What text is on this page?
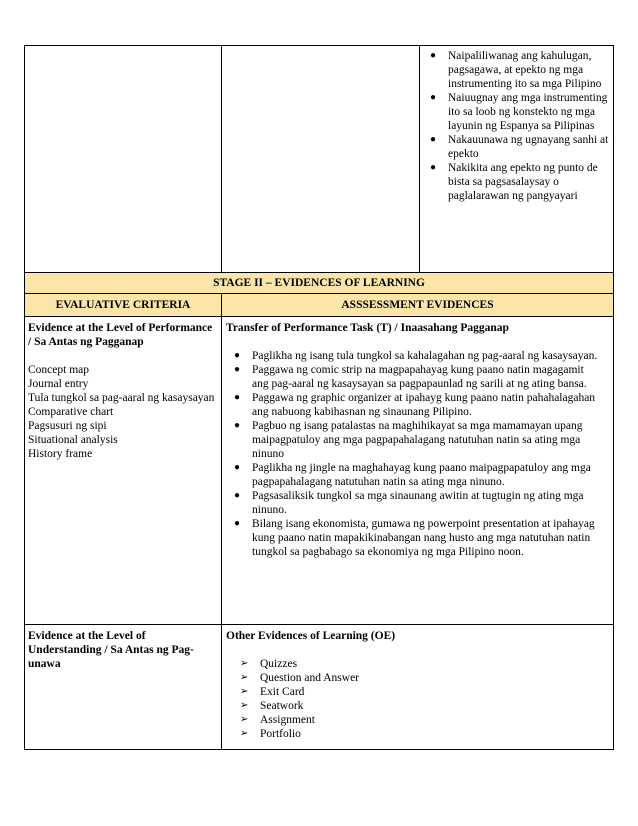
● Naipaliliwanag ang kahulugan, pagsagawa, at epekto ng mga instrumenting ito sa mga Pilipino
● Naiuugnay ang mga instrumenting ito sa loob ng konstekto ng mga layunin ng Espanya sa Pilipinas
● Nakauunawa ng ugnayang sanhi at epekto
● Nakikita ang epekto ng punto de bista sa pagsasalaysay o paglalarawan ng pangyayari
STAGE II – EVIDENCES OF LEARNING
EVALUATIVE CRITERIA	ASSSESSMENT EVIDENCES
Evidence at the Level of Performance / Sa Antas ng Pagganap
Concept map
Journal entry
Tula tungkol sa pag-aaral ng kasaysayan
Comparative chart
Pagsusuri ng sipi
Situational analysis
History frame
Transfer of Performance Task (T) / Inaasahang Pagganap
● Paglikha ng isang tula tungkol sa kahalagahan ng pag-aaral ng kasaysayan.
● Paggawa ng comic strip na magpapahayag kung paano natin magagamit ang pag-aaral ng kasaysayan sa pagpapaunlad ng sarili at ng ating bansa.
● Paggawa ng graphic organizer at ipahayg kung paano natin pahahalagahan ang nabuong kabihasnan ng sinaunang Pilipino.
● Pagbuo ng isang patalastas na maghihikayat sa mga mamamayan upang maipagpatuloy ang mga pagpapahalagang natutuhan natin sa ating mga ninuno
● Paglikha ng jingle na maghahayag kung paano maipagpapatuloy ang mga pagpapahalagang natutuhan natin sa ating mga ninuno.
● Pagsasaliksik tungkol sa mga sinaunang awitin at tugtugin ng ating mga ninuno.
● Bilang isang ekonomista, gumawa ng powerpoint presentation at ipahayag kung paano natin mapakikinabangan nang husto ang mga natutuhan natin tungkol sa pagbabago sa ekonomiya ng mga Pilipino noon.
Evidence at the Level of Understanding / Sa Antas ng Pag-unawa
Other Evidences of Learning (OE)
➢ Quizzes
➢ Question and Answer
➢ Exit Card
➢ Seatwork
➢ Assignment
➢ Portfolio
